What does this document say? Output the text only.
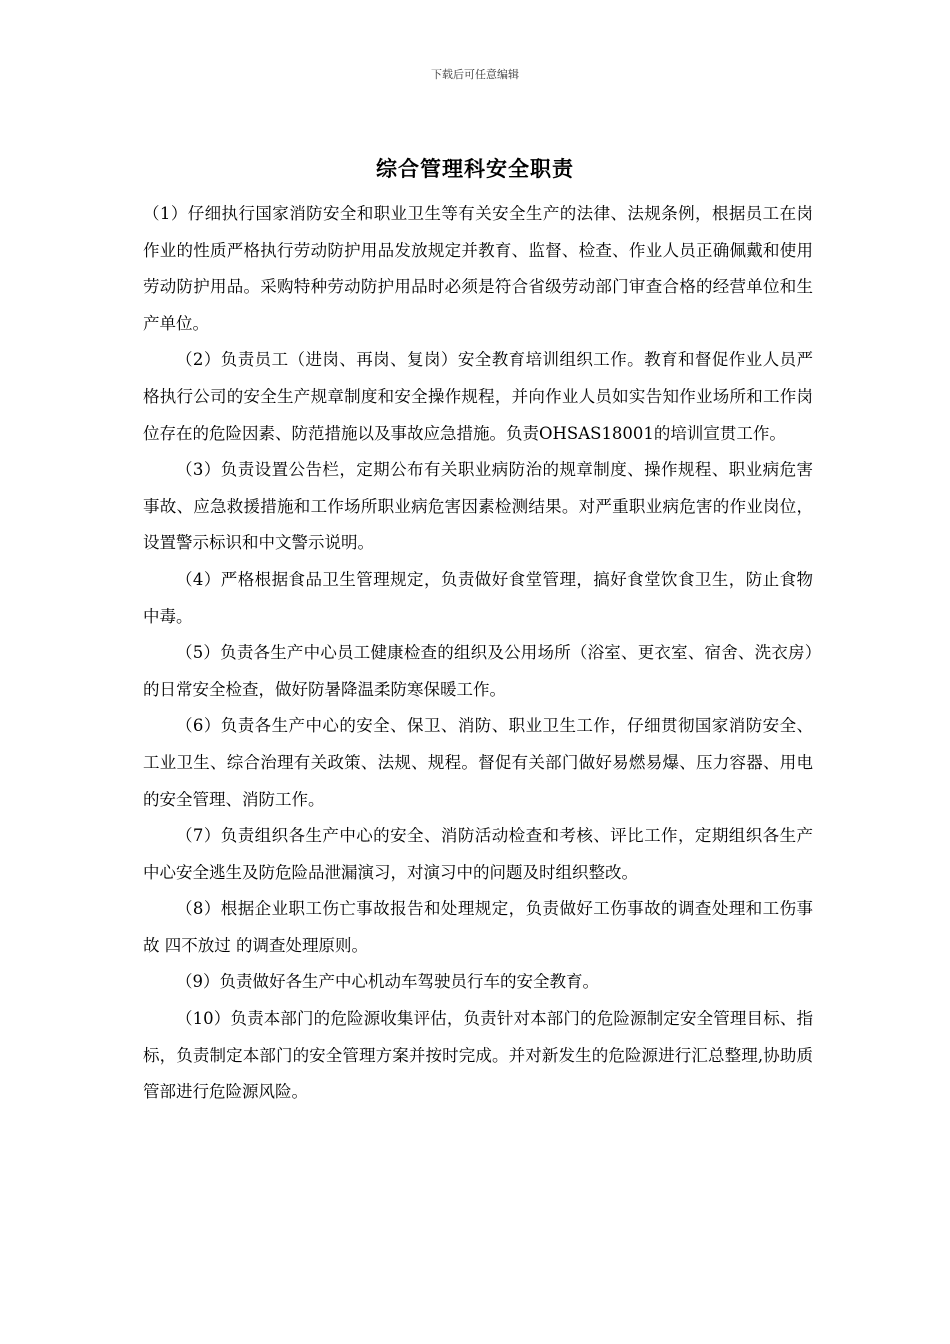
下载后可任意编辑
综合管理科安全职责

（1）仔细执行国家消防安全和职业卫生等有关安全生产的法律、法规条例，根据员工在岗作业的性质严格执行劳动防护用品发放规定并教育、监督、检查、作业人员正确佩戴和使用劳动防护用品。采购特种劳动防护用品时必须是符合省级劳动部门审查合格的经营单位和生产单位。

（2）负责员工（进岗、再岗、复岗）安全教育培训组织工作。教育和督促作业人员严格执行公司的安全生产规章制度和安全操作规程，并向作业人员如实告知作业场所和工作岗位存在的危险因素、防范措施以及事故应急措施。负责OHSAS18001的培训宣贯工作。

（3）负责设置公告栏，定期公布有关职业病防治的规章制度、操作规程、职业病危害事故、应急救援措施和工作场所职业病危害因素检测结果。对严重职业病危害的作业岗位，设置警示标识和中文警示说明。

（4）严格根据食品卫生管理规定，负责做好食堂管理，搞好食堂饮食卫生，防止食物中毒。

（5）负责各生产中心员工健康检查的组织及公用场所（浴室、更衣室、宿舍、洗衣房）的日常安全检查，做好防暑降温柔防寒保暖工作。

（6）负责各生产中心的安全、保卫、消防、职业卫生工作，仔细贯彻国家消防安全、工业卫生、综合治理有关政策、法规、规程。督促有关部门做好易燃易爆、压力容器、用电的安全管理、消防工作。

（7）负责组织各生产中心的安全、消防活动检查和考核、评比工作，定期组织各生产中心安全逃生及防危险品泄漏演习，对演习中的问题及时组织整改。

（8）根据企业职工伤亡事故报告和处理规定，负责做好工伤事故的调查处理和工伤事故 四不放过 的调查处理原则。

（9）负责做好各生产中心机动车驾驶员行车的安全教育。

（10）负责本部门的危险源收集评估，负责针对本部门的危险源制定安全管理目标、指标，负责制定本部门的安全管理方案并按时完成。并对新发生的危险源进行汇总整理,协助质管部进行危险源风险。
